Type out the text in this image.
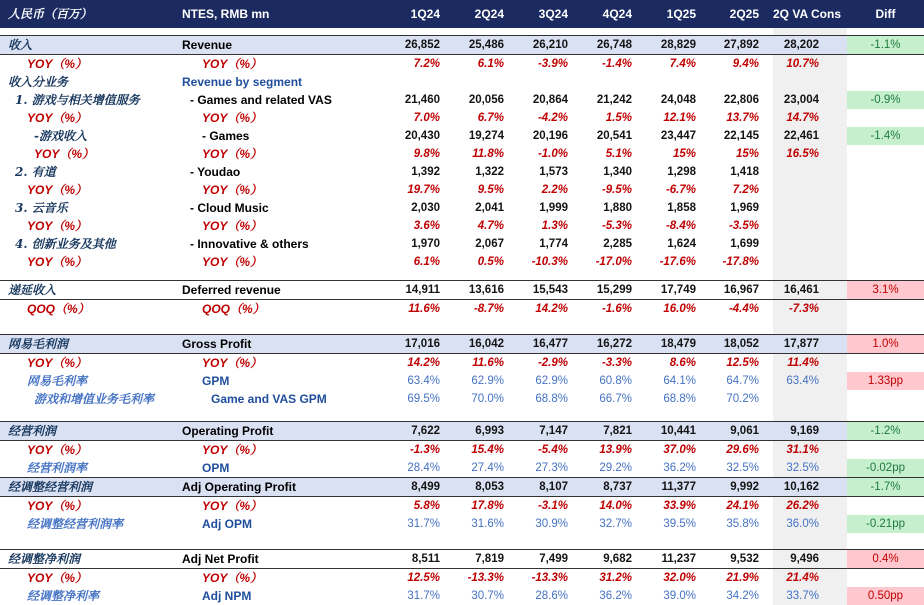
人民币（百万）	NTES, RMB mn	1Q24	2Q24	3Q24	4Q24	1Q25	2Q25	2Q VA Cons	Diff

收入	Revenue	26,852	25,486	26,210	26,748	28,829	27,892	28,202	-1.1%
YOY（%）	YOY（%）	7.2%	6.1%	-3.9%	-1.4%	7.4%	9.4%	10.7%	
收入分业务	Revenue by segment								
1. 游戏与相关增值服务	- Games and related VAS	21,460	20,056	20,864	21,242	24,048	22,806	23,004	-0.9%
YOY（%）	YOY（%）	7.0%	6.7%	-4.2%	1.5%	12.1%	13.7%	14.7%	
-游戏收入	- Games	20,430	19,274	20,196	20,541	23,447	22,145	22,461	-1.4%
YOY（%）	YOY（%）	9.8%	11.8%	-1.0%	5.1%	15%	15%	16.5%	
2. 有道	- Youdao	1,392	1,322	1,573	1,340	1,298	1,418		
YOY（%）	YOY（%）	19.7%	9.5%	2.2%	-9.5%	-6.7%	7.2%		
3. 云音乐	- Cloud Music	2,030	2,041	1,999	1,880	1,858	1,969		
YOY（%）	YOY（%）	3.6%	4.7%	1.3%	-5.3%	-8.4%	-3.5%		
4. 创新业务及其他	- Innovative & others	1,970	2,067	1,774	2,285	1,624	1,699		
YOY（%）	YOY（%）	6.1%	0.5%	-10.3%	-17.0%	-17.6%	-17.8%		

递延收入	Deferred revenue	14,911	13,616	15,543	15,299	17,749	16,967	16,461	3.1%
QOQ（%）	QOQ（%）	11.6%	-8.7%	14.2%	-1.6%	16.0%	-4.4%	-7.3%	

网易毛利润	Gross Profit	17,016	16,042	16,477	16,272	18,479	18,052	17,877	1.0%
YOY（%）	YOY（%）	14.2%	11.6%	-2.9%	-3.3%	8.6%	12.5%	11.4%	
网易毛利率	GPM	63.4%	62.9%	62.9%	60.8%	64.1%	64.7%	63.4%	1.33pp
游戏和增值业务毛利率	Game and VAS GPM	69.5%	70.0%	68.8%	66.7%	68.8%	70.2%		

经营利润	Operating Profit	7,622	6,993	7,147	7,821	10,441	9,061	9,169	-1.2%
YOY（%）	YOY（%）	-1.3%	15.4%	-5.4%	13.9%	37.0%	29.6%	31.1%	
经营利润率	OPM	28.4%	27.4%	27.3%	29.2%	36.2%	32.5%	32.5%	-0.02pp
经调整经营利润	Adj Operating Profit	8,499	8,053	8,107	8,737	11,377	9,992	10,162	-1.7%
YOY（%）	YOY（%）	5.8%	17.8%	-3.1%	14.0%	33.9%	24.1%	26.2%	
经调整经营利润率	Adj OPM	31.7%	31.6%	30.9%	32.7%	39.5%	35.8%	36.0%	-0.21pp

经调整净利润	Adj Net Profit	8,511	7,819	7,499	9,682	11,237	9,532	9,496	0.4%
YOY（%）	YOY（%）	12.5%	-13.3%	-13.3%	31.2%	32.0%	21.9%	21.4%	
经调整净利率	Adj NPM	31.7%	30.7%	28.6%	36.2%	39.0%	34.2%	33.7%	0.50pp
